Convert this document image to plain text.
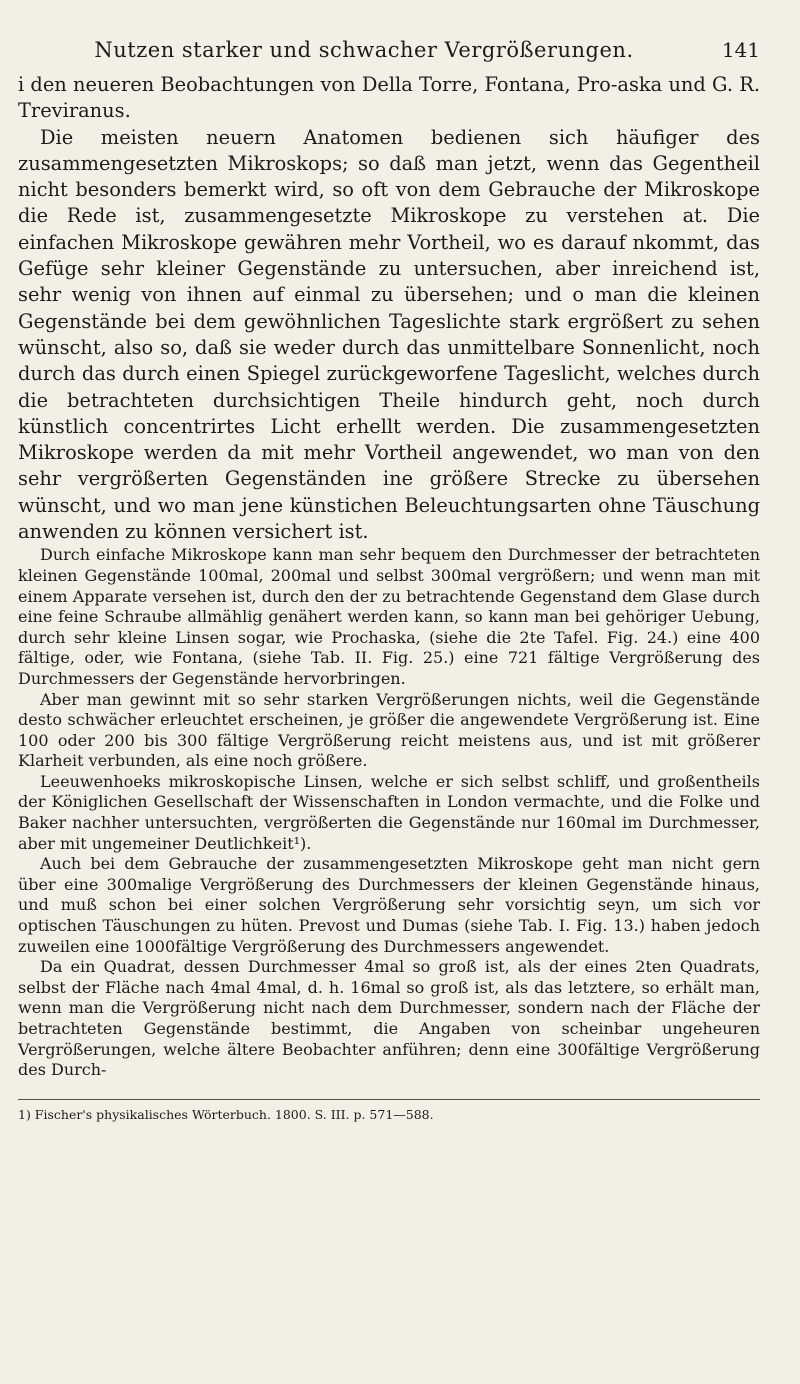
Nutzen starker und schwacher Vergrößerungen.	141

i den neueren Beobachtungen von Della Torre, Fontana, Pro-aska und G. R. Treviranus.

Die meisten neuern Anatomen bedienen sich häufiger des zusammengesetzten Mikroskops; so daß man jetzt, wenn das Gegentheil nicht besonders bemerkt wird, so oft von dem Gebrauche der Mikroskope die Rede ist, zusammengesetzte Mikroskope zu verstehen at. Die einfachen Mikroskope gewähren mehr Vortheil, wo es darauf nkommt, das Gefüge sehr kleiner Gegenstände zu untersuchen, aber inreichend ist, sehr wenig von ihnen auf einmal zu übersehen; und o man die kleinen Gegenstände bei dem gewöhnlichen Tageslichte stark ergrößert zu sehen wünscht, also so, daß sie weder durch das unmittelbare Sonnenlicht, noch durch das durch einen Spiegel zurückgeworfene Tageslicht, welches durch die betrachteten durchsichtigen Theile hindurch geht, noch durch künstlich concentrirtes Licht erhellt werden. Die zusammengesetzten Mikroskope werden da mit mehr Vortheil angewendet, wo man von den sehr vergrößerten Gegenständen ine größere Strecke zu übersehen wünscht, und wo man jene künstichen Beleuchtungsarten ohne Täuschung anwenden zu können versichert ist.

Durch einfache Mikroskope kann man sehr bequem den Durchmesser der betrachteten kleinen Gegenstände 100mal, 200mal und selbst 300mal vergrößern; und wenn man mit einem Apparate versehen ist, durch den der zu betrachtende Gegenstand dem Glase durch eine feine Schraube allmählig genähert werden kann, so kann man bei gehöriger Uebung, durch sehr kleine Linsen sogar, wie Prochaska, (siehe die 2te Tafel. Fig. 24.) eine 400 fältige, oder, wie Fontana, (siehe Tab. II. Fig. 25.) eine 721 fältige Vergrößerung des Durchmessers der Gegenstände hervorbringen.

Aber man gewinnt mit so sehr starken Vergrößerungen nichts, weil die Gegenstände desto schwächer erleuchtet erscheinen, je größer die angewendete Vergrößerung ist. Eine 100 oder 200 bis 300 fältige Vergrößerung reicht meistens aus, und ist mit größerer Klarheit verbunden, als eine noch größere.

Leeuwenhoeks mikroskopische Linsen, welche er sich selbst schliff, und großentheils der Königlichen Gesellschaft der Wissenschaften in London vermachte, und die Folke und Baker nachher untersuchten, vergrößerten die Gegenstände nur 160mal im Durchmesser, aber mit ungemeiner Deutlichkeit¹).

Auch bei dem Gebrauche der zusammengesetzten Mikroskope geht man nicht gern über eine 300malige Vergrößerung des Durchmessers der kleinen Gegenstände hinaus, und muß schon bei einer solchen Vergrößerung sehr vorsichtig seyn, um sich vor optischen Täuschungen zu hüten. Prevost und Dumas (siehe Tab. I. Fig. 13.) haben jedoch zuweilen eine 1000fältige Vergrößerung des Durchmessers angewendet.

Da ein Quadrat, dessen Durchmesser 4mal so groß ist, als der eines 2ten Quadrats, selbst der Fläche nach 4mal 4mal, d. h. 16mal so groß ist, als das letztere, so erhält man, wenn man die Vergrößerung nicht nach dem Durchmesser, sondern nach der Fläche der betrachteten Gegenstände bestimmt, die Angaben von scheinbar ungeheuren Vergrößerungen, welche ältere Beobachter anführen; denn eine 300fältige Vergrößerung des Durch-

1) Fischer's physikalisches Wörterbuch. 1800. S. III. p. 571—588.
